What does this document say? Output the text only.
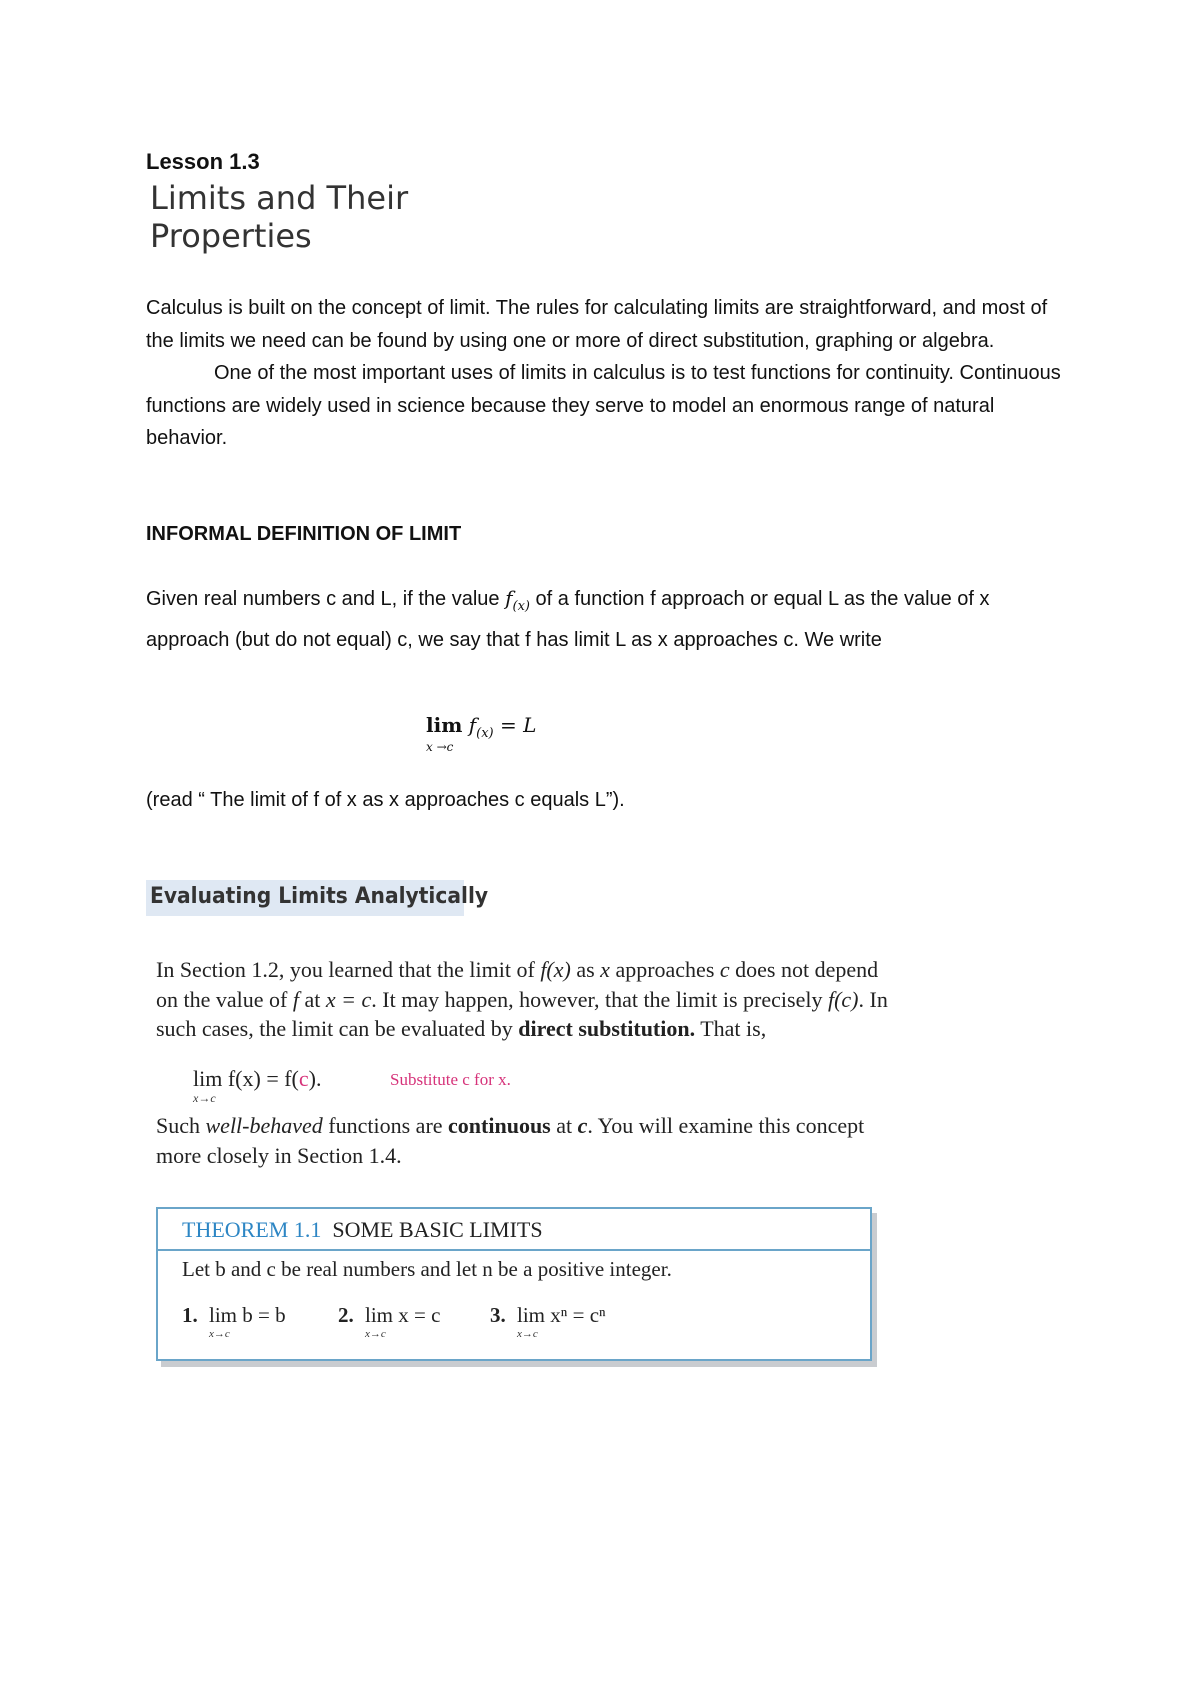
Lesson 1.3
Limits and Their
Properties

Calculus is built on the concept of limit. The rules for calculating limits are straightforward, and most of the limits we need can be found by using one or more of direct substitution, graphing or algebra.

One of the most important uses of limits in calculus is to test functions for continuity. Continuous functions are widely used in science because they serve to model an enormous range of natural behavior.

INFORMAL DEFINITION OF LIMIT
Given real numbers c and L, if the value $f_{(x)}$ of a function f approach or equal L as the value of x approach (but do not equal) c, we say that f has limit L as x approaches c. We write
$\lim f_{(x)} = L$
x →c
(read “ The limit of f of x as x approaches c equals L”).
Evaluating Limits Analytically
In Section 1.2, you learned that the limit of f(x) as x approaches c does not depend on the value of f at x = c. It may happen, however, that the limit is precisely f(c). In such cases, the limit can be evaluated by direct substitution. That is,
lim f(x) = f(c).
x→c
Substitute c for x.
Such well-behaved functions are continuous at c. You will examine this concept more closely in Section 1.4.
THEOREM 1.1 SOME BASIC LIMITS
Let b and c be real numbers and let n be a positive integer.
1. lim b = b
x→c
2. lim x = c
x→c
3. lim xⁿ = cⁿ
x→c
